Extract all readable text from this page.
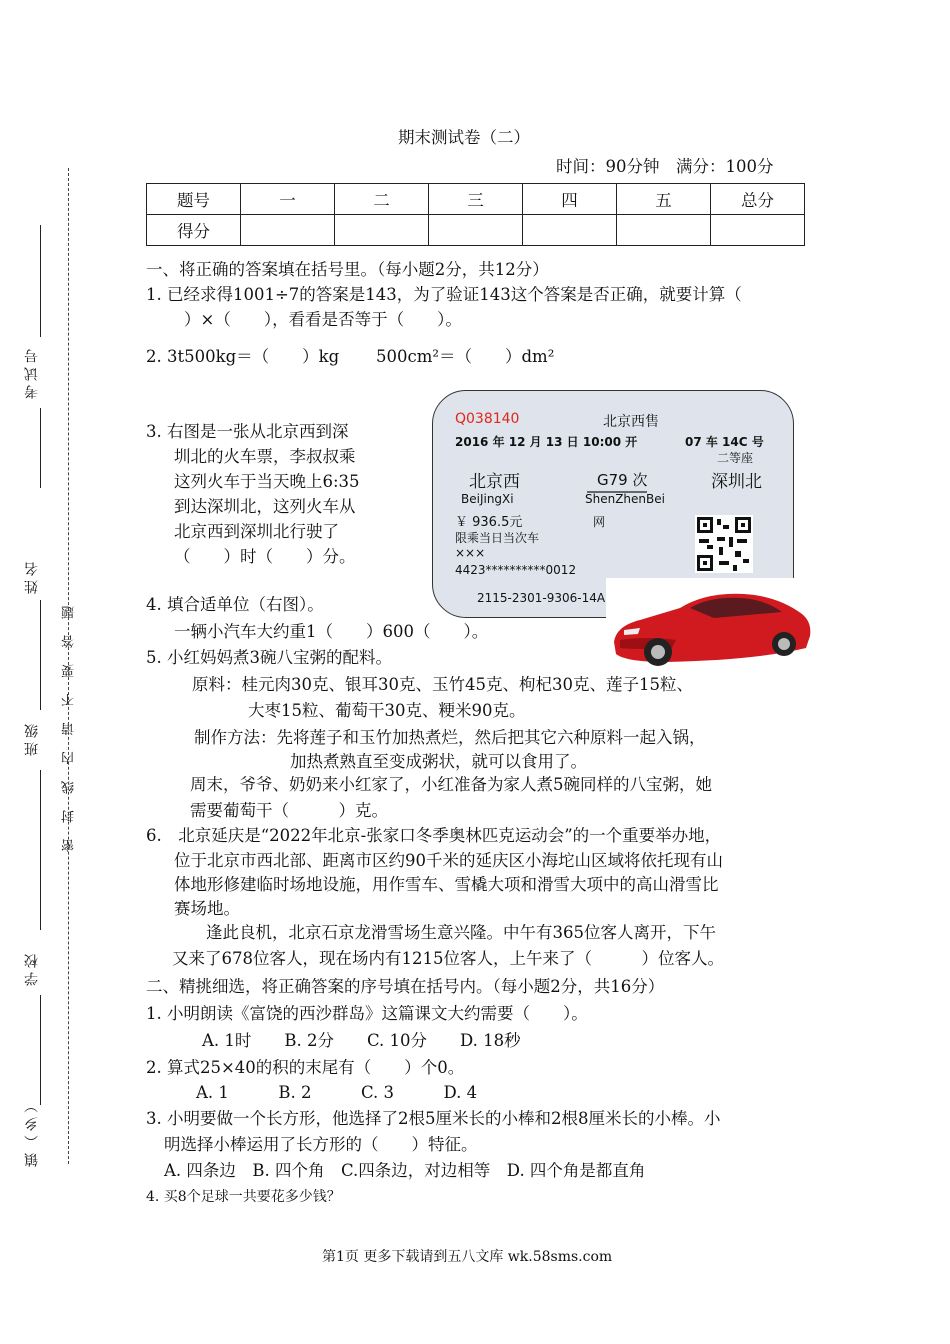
考试号
姓名
班级
学校
镇（乡）
密 封 线 内 请 不 要 答 题
期末测试卷（二）
时间：90分钟　满分：100分
题号	一	二	三	四	五	总分
得分						
一、将正确的答案填在括号里。（每小题2分，共12分）
1. 已经求得1001÷7的答案是143，为了验证143这个答案是否正确，就要计算（
）×（　　），看看是否等于（　　）。
2. 3t500kg＝（　　）kg 500cm²＝（　　）dm²
3. 右图是一张从北京西到深
圳北的火车票，李叔叔乘
这列火车于当天晚上6:35
到达深圳北，这列火车从
北京西到深圳北行驶了
（　　）时（　　）分。
Q038140	北京西售
2016 年 12 月 13 日 10:00 开	07 车 14C 号
二等座
北京西	G79 次	深圳北
BeiJingXi	ShenZhenBei
￥ 936.5元	网
限乘当日当次车
×××
4423**********0012
2115-2301-9306-14AD
4. 填合适单位（右图）。
一辆小汽车大约重1（　　）600（　　）。
5. 小红妈妈煮3碗八宝粥的配料。
原料：桂元肉30克、银耳30克、玉竹45克、枸杞30克、莲子15粒、
大枣15粒、葡萄干30克、粳米90克。
制作方法：先将莲子和玉竹加热煮烂，然后把其它六种原料一起入锅，
加热煮熟直至变成粥状，就可以食用了。
周末，爷爷、奶奶来小红家了，小红准备为家人煮5碗同样的八宝粥，她
需要葡萄干（　　　）克。
6.　北京延庆是“2022年北京-张家口冬季奥林匹克运动会”的一个重要举办地，
位于北京市西北部、距离市区约90千米的延庆区小海坨山区域将依托现有山
体地形修建临时场地设施，用作雪车、雪橇大项和滑雪大项中的高山滑雪比
赛场地。
逢此良机，北京石京龙滑雪场生意兴隆。中午有365位客人离开，下午
又来了678位客人，现在场内有1215位客人，上午来了（　　　）位客人。
二、精挑细选，将正确答案的序号填在括号内。（每小题2分，共16分）
1. 小明朗读《富饶的西沙群岛》这篇课文大约需要（　　）。
A. 1时　　B. 2分　　C. 10分　　D. 18秒
2. 算式25×40的积的末尾有（　　）个0。
A. 1　　　B. 2　　　C. 3　　　D. 4
3. 小明要做一个长方形，他选择了2根5厘米长的小棒和2根8厘米长的小棒。小
明选择小棒运用了长方形的（　　）特征。
A. 四条边　B. 四个角　C.四条边，对边相等　D. 四个角是都直角
4. 买8个足球一共要花多少钱？
第1页 更多下载请到五八文库 wk.58sms.com
